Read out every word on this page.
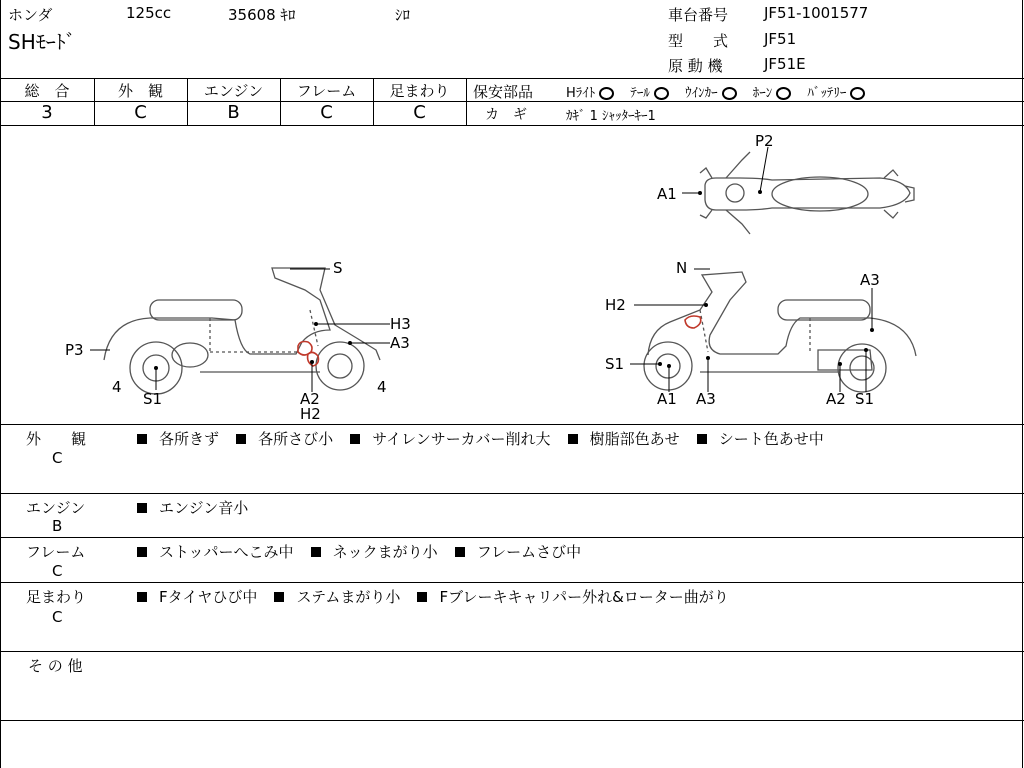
ホンダ	125cc	35608 ｷﾛ	ｼﾛ
SHﾓｰﾄﾞ
車台番号 JF51-1001577
型　　式 JF51
原 動 機	JF51E
総　合
3
外　観
C
エンジン
B
フレーム
C
足まわり
C
保安部品	Hﾗｲﾄ	ﾃｰﾙ	ｳｲﾝｶｰ	ﾎｰﾝ	ﾊﾞｯﾃﾘｰ
カ　ギ	ｶｷﾞ 1 ｼｬｯﾀｰｷｰ1
P2
A1
S
H3
A3
P3
4
S1	A2
H2
4
N
A3
H2
S1
A1 A3	A2 S1
外　　観
C
各所きず	各所さび小	サイレンサーカバー削れ大	樹脂部色あせ	シート色あせ中
エンジン
B
エンジン音小
フレーム
C
ストッパーへこみ中	ネックまがり小	フレームさび中
足まわり
C
Fタイヤひび中	ステムまがり小	Fブレーキキャリパー外れ&ローター曲がり
そ の 他
